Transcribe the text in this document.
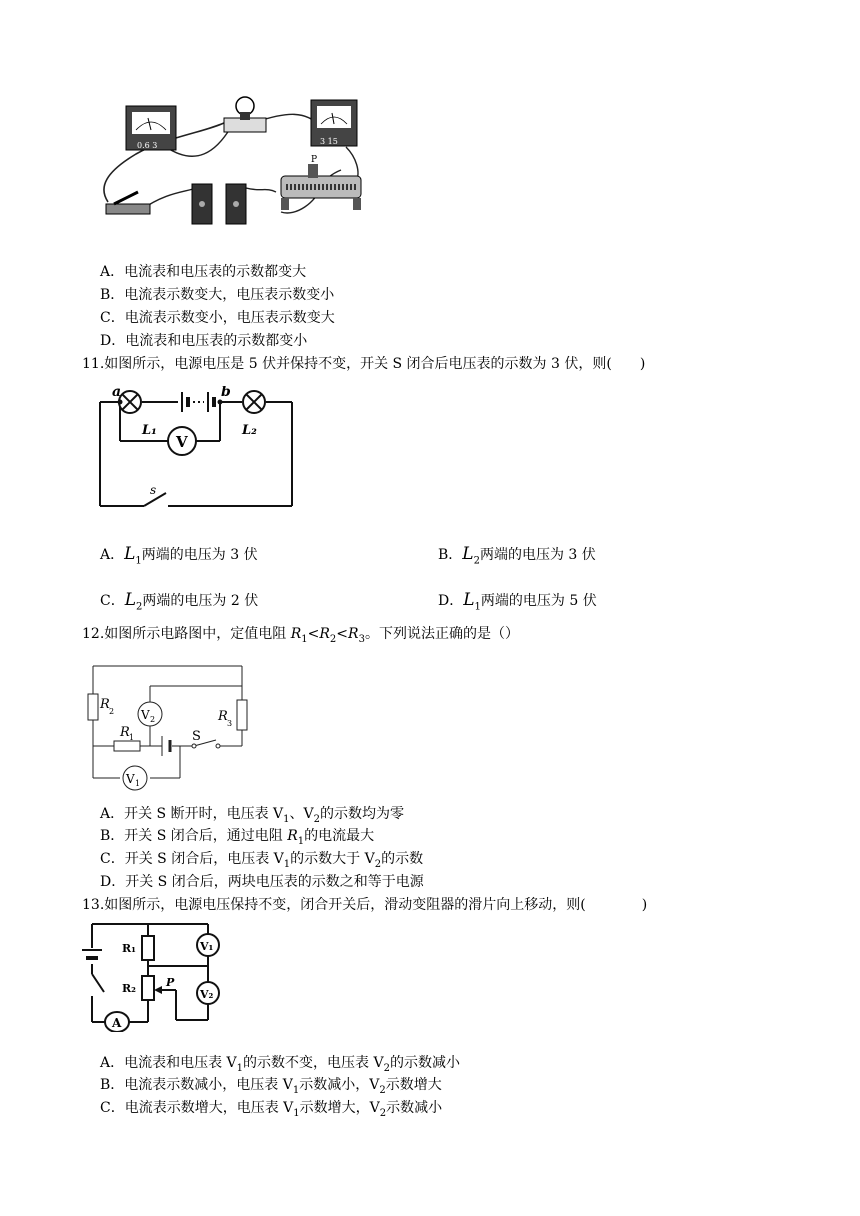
0.6 3	3 15
P
A．电流表和电压表的示数都变大
B．电流表示数变大，电压表示数变小
C．电流表示数变小，电压表示数变大
D．电流表和电压表的示数都变小
11.如图所示，电源电压是 5 伏并保持不变，开关 S 闭合后电压表的示数为 3 伏，则(　　)
V
a	b
L₁	L₂
s
A．$L_1$两端的电压为 3 伏	B．$L_2$两端的电压为 3 伏
C．$L_2$两端的电压为 2 伏	D．$L_1$两端的电压为 5 伏
12.如图所示电路图中，定值电阻 $R_1<R_2<R_3$。下列说法正确的是（）
V 2
V 1
R 2	R 3
R 1	S
A．开关 S 断开时，电压表 $V_1$、$V_2$的示数均为零
B．开关 S 闭合后，通过电阻 $R_1$的电流最大
C．开关 S 闭合后，电压表 $V_1$的示数大于 $V_2$的示数
D．开关 S 闭合后，两块电压表的示数之和等于电源
13.如图所示，电源电压保持不变，闭合开关后，滑动变阻器的滑片向上移动，则(　　　　)
V₁
V₂
A
R₁
R₂	P
A．电流表和电压表 $V_1$的示数不变，电压表 $V_2$的示数减小
B．电流表示数减小，电压表 $V_1$示数减小，$V_2$示数增大
C．电流表示数增大，电压表 $V_1$示数增大，$V_2$示数减小
